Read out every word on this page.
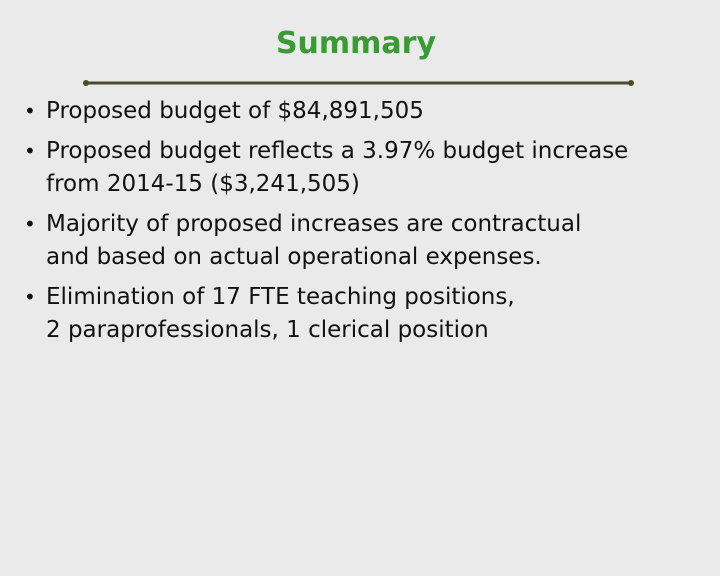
Summary
• Proposed budget of $84,891,505
• Proposed budget reflects a 3.97% budget increase
from 2014-15 ($3,241,505)
• Majority of proposed increases are contractual
and based on actual operational expenses.
• Elimination of 17 FTE teaching positions,
2 paraprofessionals, 1 clerical position
